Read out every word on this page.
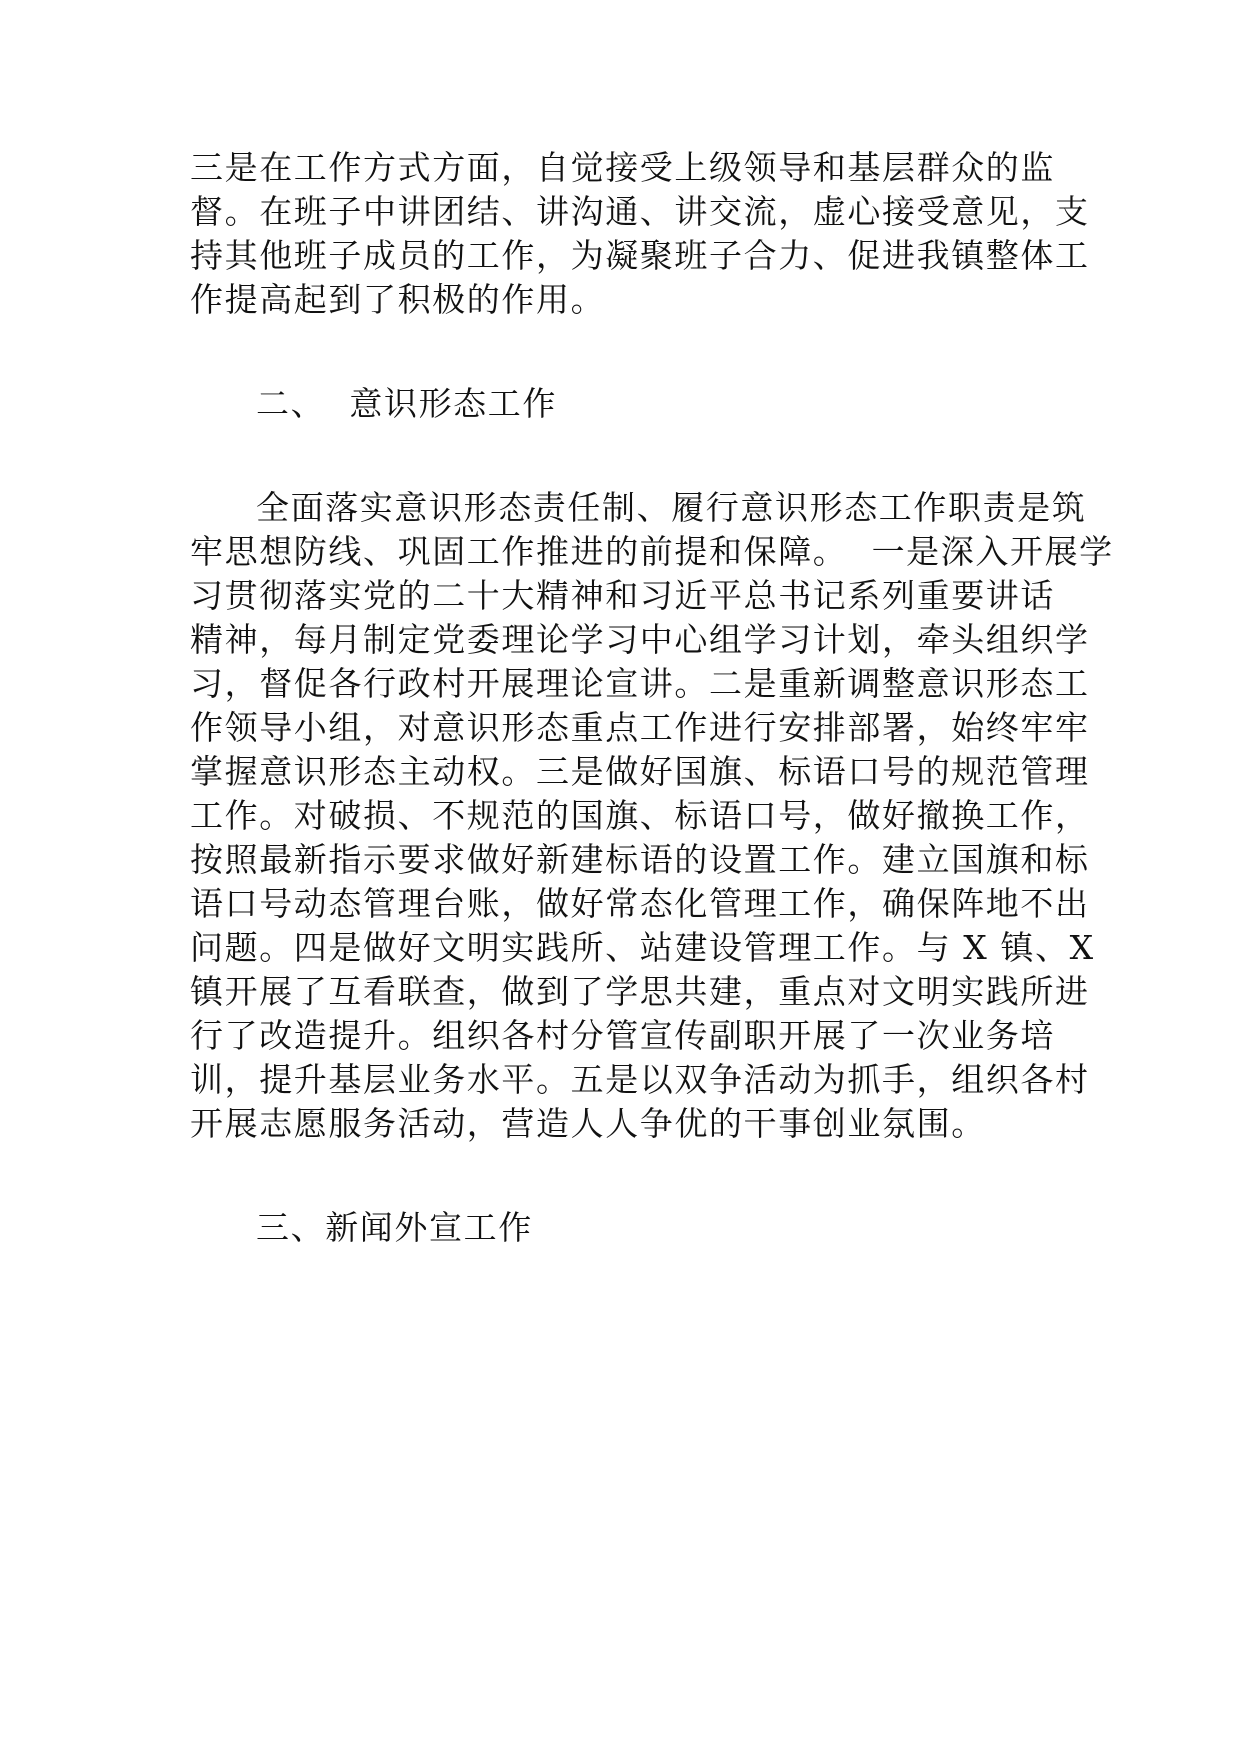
三是在工作方式方面，自觉接受上级领导和基层群众的监
督。在班子中讲团结、讲沟通、讲交流，虚心接受意见，支
持其他班子成员的工作，为凝聚班子合力、促进我镇整体工
作提高起到了积极的作用。
二、  意识形态工作
全面落实意识形态责任制、履行意识形态工作职责是筑
牢思想防线、巩固工作推进的前提和保障。  一是深入开展学
习贯彻落实党的二十大精神和习近平总书记系列重要讲话
精神，每月制定党委理论学习中心组学习计划，牵头组织学
习，督促各行政村开展理论宣讲。二是重新调整意识形态工
作领导小组，对意识形态重点工作进行安排部署，始终牢牢
掌握意识形态主动权。三是做好国旗、标语口号的规范管理
工作。对破损、不规范的国旗、标语口号，做好撤换工作，
按照最新指示要求做好新建标语的设置工作。建立国旗和标
语口号动态管理台账，做好常态化管理工作，确保阵地不出
问题。四是做好文明实践所、站建设管理工作。与 X 镇、X
镇开展了互看联查，做到了学思共建，重点对文明实践所进
行了改造提升。组织各村分管宣传副职开展了一次业务培
训，提升基层业务水平。五是以双争活动为抓手，组织各村
开展志愿服务活动，营造人人争优的干事创业氛围。
三、新闻外宣工作
